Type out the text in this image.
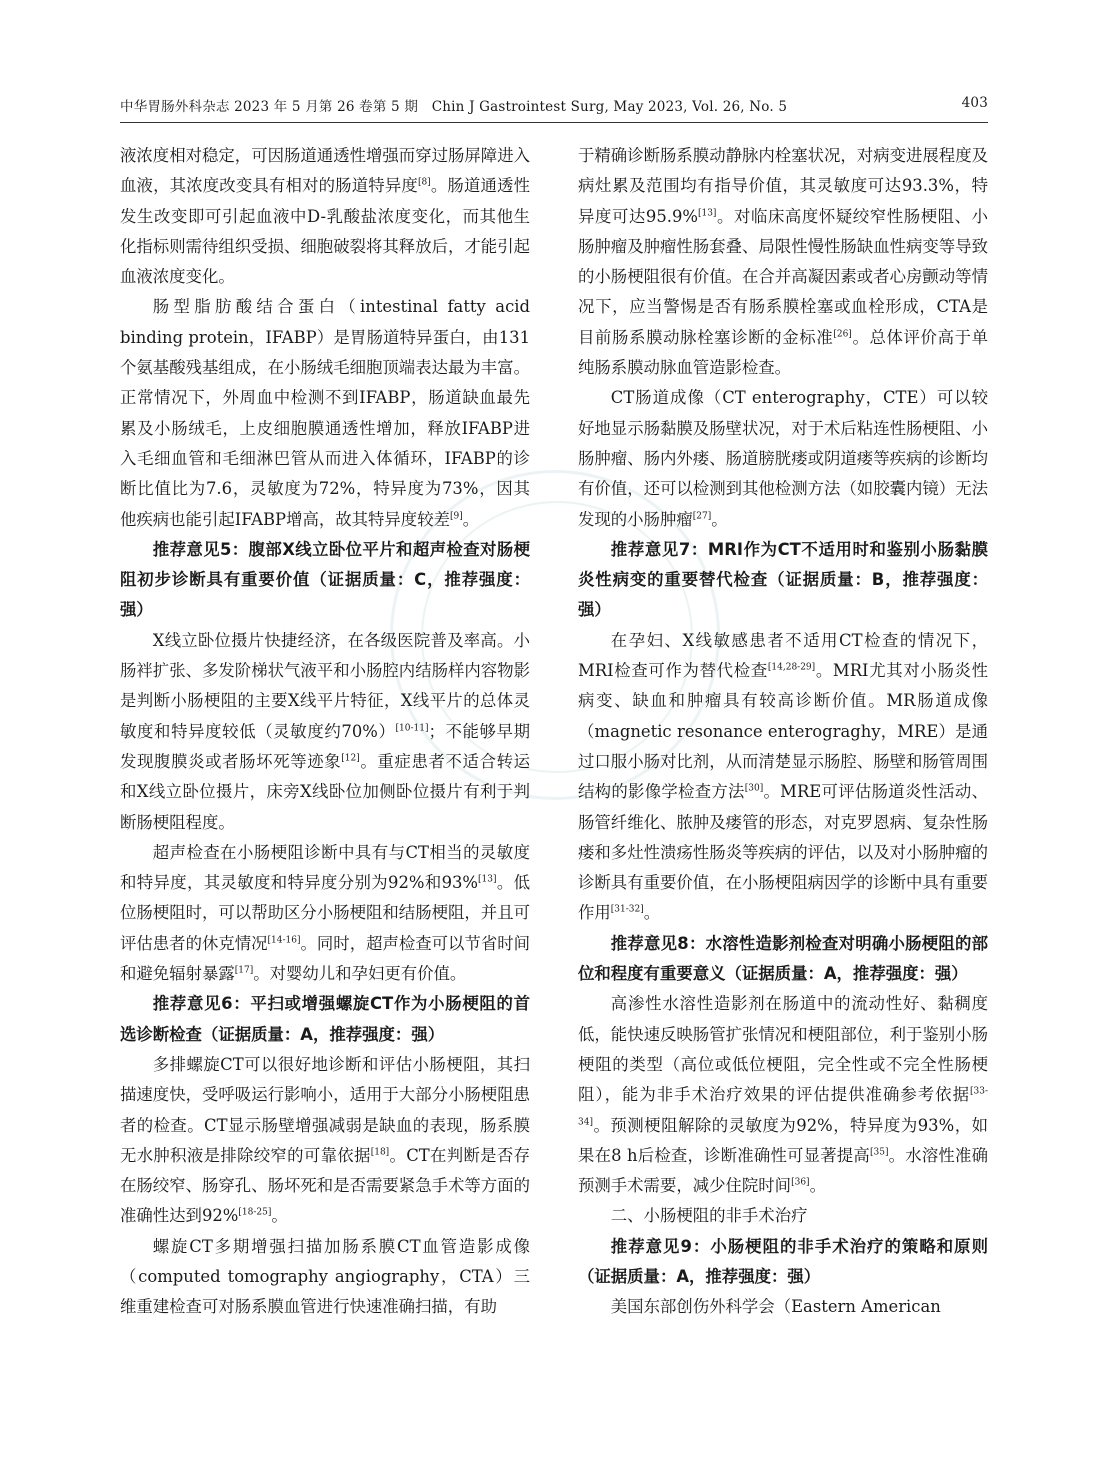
中华胃肠外科杂志 2023 年 5 月第 26 卷第 5 期　Chin J Gastrointest Surg, May 2023, Vol. 26, No. 5	403

液浓度相对稳定，可因肠道通透性增强而穿过肠屏障进入血液，其浓度改变具有相对的肠道特异度[8]。肠道通透性发生改变即可引起血液中D-乳酸盐浓度变化，而其他生化指标则需待组织受损、细胞破裂将其释放后，才能引起血液浓度变化。

肠型脂肪酸结合蛋白（intestinal fatty acid binding protein，IFABP）是胃肠道特异蛋白，由131个氨基酸残基组成，在小肠绒毛细胞顶端表达最为丰富。正常情况下，外周血中检测不到IFABP，肠道缺血最先累及小肠绒毛，上皮细胞膜通透性增加，释放IFABP进入毛细血管和毛细淋巴管从而进入体循环，IFABP的诊断比值比为7.6，灵敏度为72%，特异度为73%，因其他疾病也能引起IFABP增高，故其特异度较差[9]。

推荐意见5：腹部X线立卧位平片和超声检查对肠梗阻初步诊断具有重要价值（证据质量：C，推荐强度：强）

X线立卧位摄片快捷经济，在各级医院普及率高。小肠袢扩张、多发阶梯状气液平和小肠腔内结肠样内容物影是判断小肠梗阻的主要X线平片特征，X线平片的总体灵敏度和特异度较低（灵敏度约70%）[10-11]；不能够早期发现腹膜炎或者肠坏死等迹象[12]。重症患者不适合转运和X线立卧位摄片，床旁X线卧位加侧卧位摄片有利于判断肠梗阻程度。

超声检查在小肠梗阻诊断中具有与CT相当的灵敏度和特异度，其灵敏度和特异度分别为92%和93%[13]。低位肠梗阻时，可以帮助区分小肠梗阻和结肠梗阻，并且可评估患者的休克情况[14-16]。同时，超声检查可以节省时间和避免辐射暴露[17]。对婴幼儿和孕妇更有价值。

推荐意见6：平扫或增强螺旋CT作为小肠梗阻的首选诊断检查（证据质量：A，推荐强度：强）

多排螺旋CT可以很好地诊断和评估小肠梗阻，其扫描速度快，受呼吸运行影响小，适用于大部分小肠梗阻患者的检查。CT显示肠壁增强减弱是缺血的表现，肠系膜无水肿积液是排除绞窄的可靠依据[18]。CT在判断是否存在肠绞窄、肠穿孔、肠坏死和是否需要紧急手术等方面的准确性达到92%[18-25]。

螺旋CT多期增强扫描加肠系膜CT血管造影成像（computed tomography angiography，CTA）三维重建检查可对肠系膜血管进行快速准确扫描，有助

于精确诊断肠系膜动静脉内栓塞状况，对病变进展程度及病灶累及范围均有指导价值，其灵敏度可达93.3%，特异度可达95.9%[13]。对临床高度怀疑绞窄性肠梗阻、小肠肿瘤及肿瘤性肠套叠、局限性慢性肠缺血性病变等导致的小肠梗阻很有价值。在合并高凝因素或者心房颤动等情况下，应当警惕是否有肠系膜栓塞或血栓形成，CTA是目前肠系膜动脉栓塞诊断的金标准[26]。总体评价高于单纯肠系膜动脉血管造影检查。

CT肠道成像（CT enterography，CTE）可以较好地显示肠黏膜及肠壁状况，对于术后粘连性肠梗阻、小肠肿瘤、肠内外瘘、肠道膀胱瘘或阴道瘘等疾病的诊断均有价值，还可以检测到其他检测方法（如胶囊内镜）无法发现的小肠肿瘤[27]。

推荐意见7：MRI作为CT不适用时和鉴别小肠黏膜炎性病变的重要替代检查（证据质量：B，推荐强度：强）

在孕妇、X线敏感患者不适用CT检查的情况下，MRI检查可作为替代检查[14,28-29]。MRI尤其对小肠炎性病变、缺血和肿瘤具有较高诊断价值。MR肠道成像（magnetic resonance enterograghy，MRE）是通过口服小肠对比剂，从而清楚显示肠腔、肠壁和肠管周围结构的影像学检查方法[30]。MRE可评估肠道炎性活动、肠管纤维化、脓肿及瘘管的形态，对克罗恩病、复杂性肠瘘和多灶性溃疡性肠炎等疾病的评估，以及对小肠肿瘤的诊断具有重要价值，在小肠梗阻病因学的诊断中具有重要作用[31-32]。

推荐意见8：水溶性造影剂检查对明确小肠梗阻的部位和程度有重要意义（证据质量：A，推荐强度：强）

高渗性水溶性造影剂在肠道中的流动性好、黏稠度低，能快速反映肠管扩张情况和梗阻部位，利于鉴别小肠梗阻的类型（高位或低位梗阻，完全性或不完全性肠梗阻），能为非手术治疗效果的评估提供准确参考依据[33-34]。预测梗阻解除的灵敏度为92%，特异度为93%，如果在8 h后检查，诊断准确性可显著提高[35]。水溶性准确预测手术需要，减少住院时间[36]。

二、小肠梗阻的非手术治疗

推荐意见9：小肠梗阻的非手术治疗的策略和原则（证据质量：A，推荐强度：强）

美国东部创伤外科学会（Eastern American
